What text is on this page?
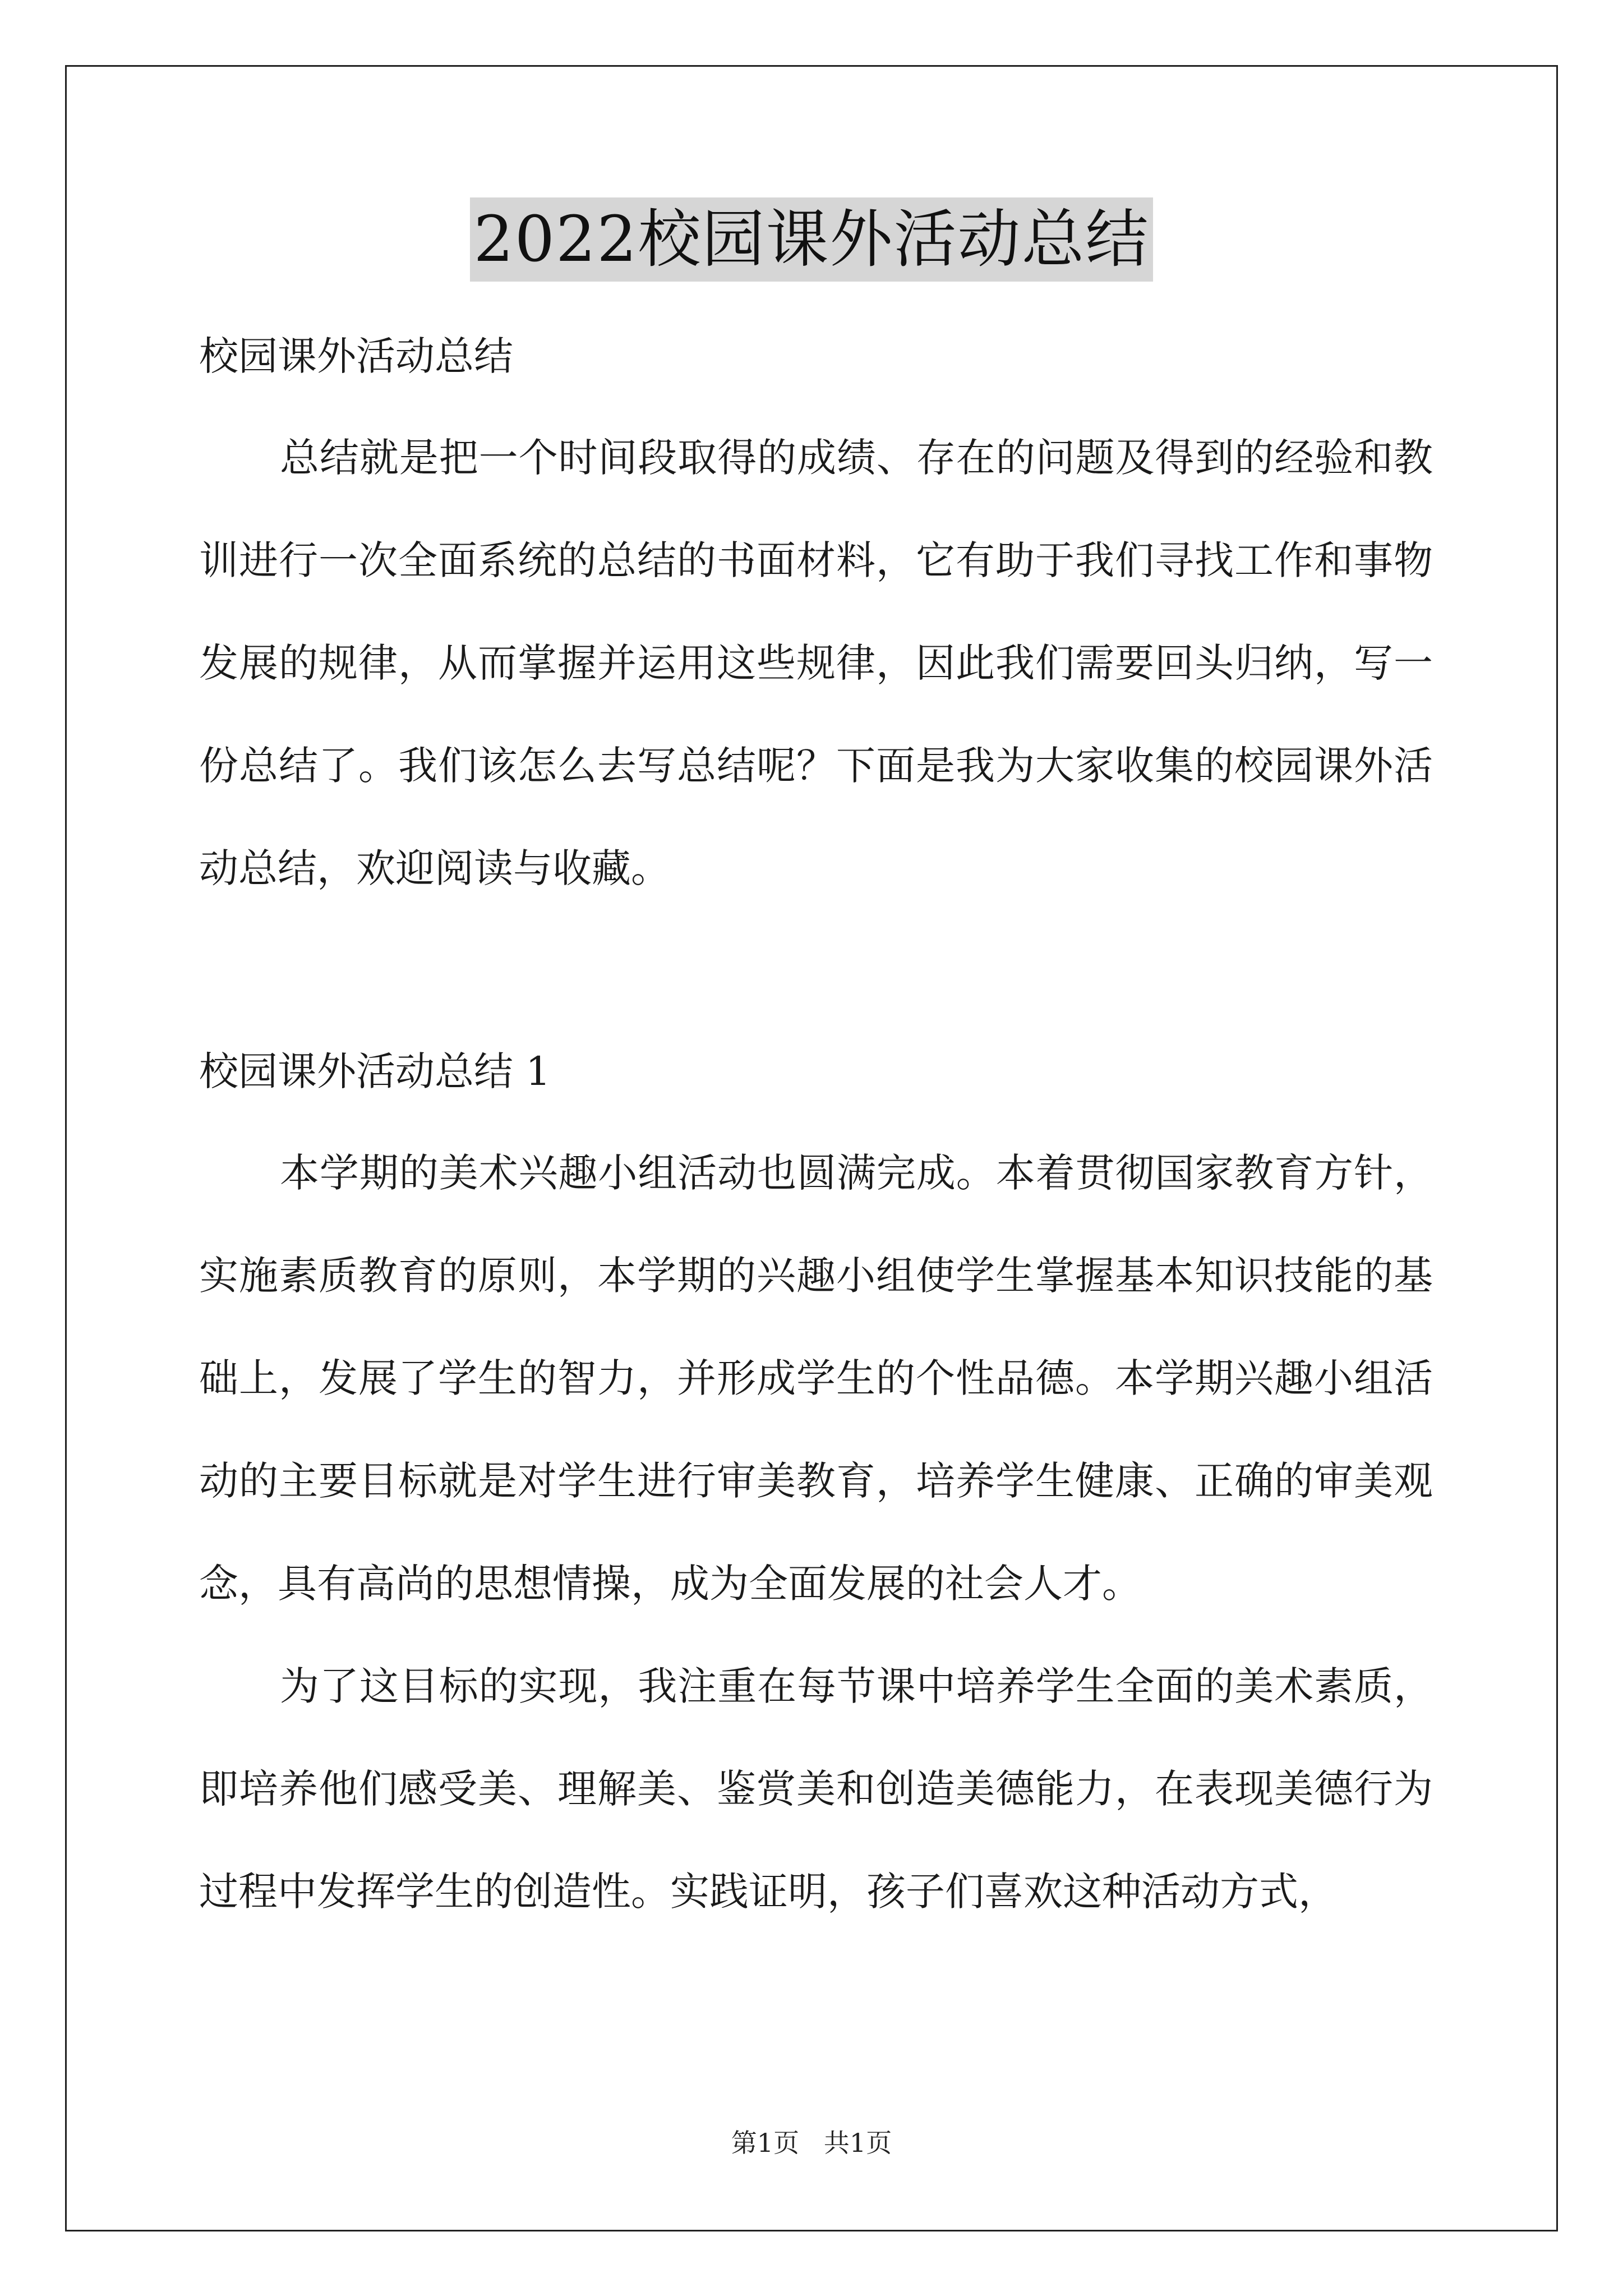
2022校园课外活动总结

校园课外活动总结

总结就是把一个时间段取得的成绩、存在的问题及得到的经验和教训进行一次全面系统的总结的书面材料，它有助于我们寻找工作和事物发展的规律，从而掌握并运用这些规律，因此我们需要回头归纳，写一份总结了。我们该怎么去写总结呢？下面是我为大家收集的校园课外活动总结，欢迎阅读与收藏。

校园课外活动总结 1

本学期的美术兴趣小组活动也圆满完成。本着贯彻国家教育方针，实施素质教育的原则，本学期的兴趣小组使学生掌握基本知识技能的基础上，发展了学生的智力，并形成学生的个性品德。本学期兴趣小组活动的主要目标就是对学生进行审美教育，培养学生健康、正确的审美观念，具有高尚的思想情操，成为全面发展的社会人才。

为了这目标的实现，我注重在每节课中培养学生全面的美术素质，即培养他们感受美、理解美、鉴赏美和创造美德能力，在表现美德行为过程中发挥学生的创造性。实践证明，孩子们喜欢这种活动方式，

第1页   共1页
